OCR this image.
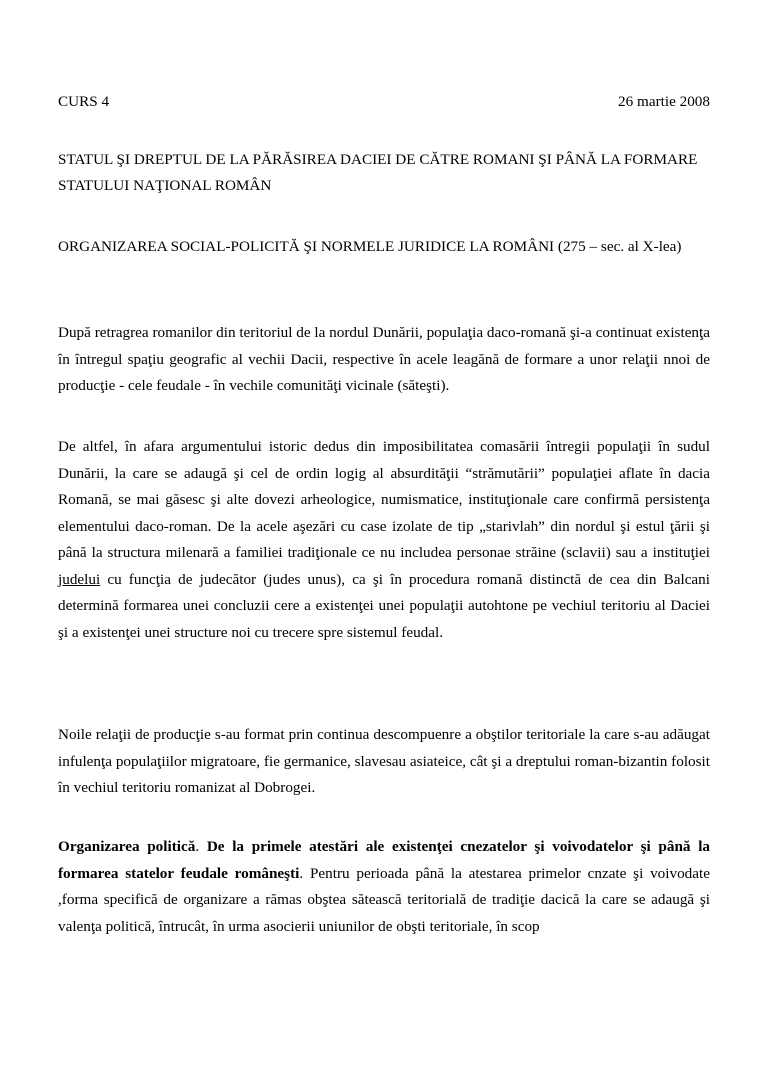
CURS 4	26 martie 2008

STATUL ŞI DREPTUL DE LA PĂRĂSIREA DACIEI DE CĂTRE ROMANI ŞI PÂNĂ LA FORMARE STATULUI NAŢIONAL ROMÂN

ORGANIZAREA SOCIAL-POLICITĂ ŞI NORMELE JURIDICE LA ROMÂNI (275 – sec. al X-lea)

După retragrea romanilor din teritoriul de la nordul Dunării, populaţia daco-romană şi-a continuat existenţa în întregul spaţiu geografic al vechii Dacii, respective în acele leagănă de formare a unor relaţii nnoi de producţie - cele feudale - în vechile comunităţi vicinale (săteşti).

De altfel, în afara argumentului istoric dedus din imposibilitatea comasării întregii populaţii în sudul Dunării, la care se adaugă şi cel de ordin logig al absurdităţii “strămutării” populaţiei aflate în dacia Romană, se mai găsesc şi alte dovezi arheologice, numismatice, instituţionale care confirmă persistenţa elementului daco-roman. De la acele aşezări cu case izolate de tip „starivlah” din nordul şi estul ţării şi până la structura milenară a familiei tradiţionale ce nu includea personae străine (sclavii) sau a instituţiei judelui cu funcţia de judecător (judes unus), ca şi în procedura romană distinctă de cea din Balcani determină formarea unei concluzii cere a existenţei unei populaţii autohtone pe vechiul teritoriu al Daciei şi a existenţei unei structure noi cu trecere spre sistemul feudal.

Noile relaţii de producţie s-au format prin continua descompuenre a obştilor teritoriale la care s-au adăugat infulenţa populaţiilor migratoare, fie germanice, slavesau asiateice, cât şi a dreptului roman-bizantin folosit în vechiul teritoriu romanizat al Dobrogei.

Organizarea politică. De la primele atestări ale existenţei cnezatelor şi voivodatelor şi până la formarea statelor feudale româneşti. Pentru perioada până la atestarea primelor cnzate şi voivodate ,forma specifică de organizare a rămas obştea sătească teritorială de tradiţie dacică la care se adaugă şi valenţa politică, întrucât, în urma asocierii uniunilor de obşti teritoriale, în scop
